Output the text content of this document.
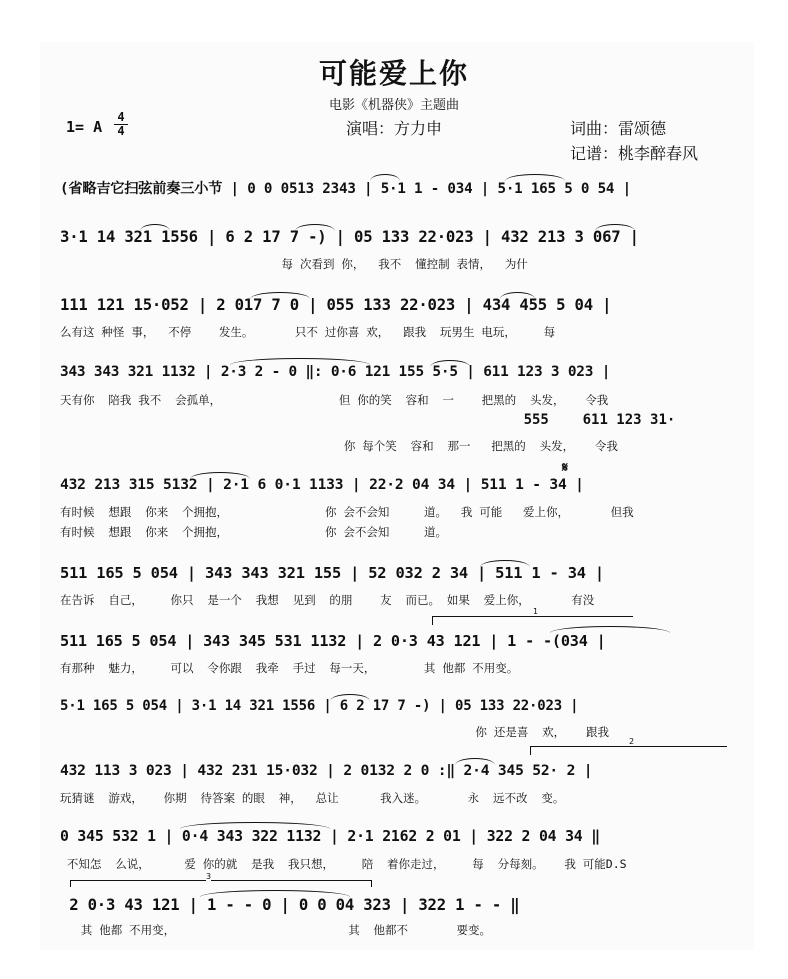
可能爱上你
电影《机器侠》主题曲
1= A
4
4	演唱：方力申	词曲：雷颂德
记谱：桃李醉春风
(省略吉它扫弦前奏三小节 | 0 0 0513 2343 | 5·1 1 - 034 | 5·1 165 5 0 54 |
3·1 14 321 1556 | 6 2 17 7 -) | 05 133 22·023 | 432 213 3 067 |
每 次看到 你，  我不  懂控制 表情，  为什
111 121 15·052 | 2 017 7 0 | 055 133 22·023 | 434 455 5 04 |
么有这 种怪 事，  不停    发生。      只不 过你喜 欢，  跟我  玩男生 电玩，    每
343 343 321 1132 | 2·3 2 - 0 ‖: 0·6 121 155 5·5 | 611 123 3 023 |
天有你  陪我 我不  会孤单，                 但 你的笑  容和  一    把黑的  头发，   令我
555    611 123 31·
你 每个笑  容和  那一   把黑的  头发，   令我
432 213 315 5132 | 2·1 6 0·1 1133 | 22·2 04 34 | 511 1 - 34 |
𝄋
有时候  想跟  你来  个拥抱，              你 会不会知     道。  我 可能   爱上你，      但我
有时候  想跟  你来  个拥抱，              你 会不会知     道。
511 165 5 054 | 343 343 321 155 | 52 032 2 34 | 511 1 - 34 |
在告诉  自己，    你只  是一个  我想  见到  的朋    友  而已。 如果  爱上你，      有没
1
511 165 5 054 | 343 345 531 1132 | 2 0·3 43 121 | 1 - -(034 |
有那种  魅力，    可以  令你跟  我牵  手过  每一天，       其 他都 不用变。
5·1 165 5 054 | 3·1 14 321 1556 | 6 2 17 7 -) | 05 133 22·023 |
你 还是喜  欢，   跟我
2
432 113 3 023 | 432 231 15·032 | 2 0132 2 0 :‖ 2·4 345 52· 2 |
玩猜谜  游戏，   你期  待答案 的眼  神，  总让      我入迷。      永  远不改  变。
0 345 532 1 | 0·4 343 322 1132 | 2·1 2162 2 01 | 322 2 04 34 ‖
不知怎  么说，     爱 你的就  是我  我只想，    陪  着你走过，    每  分每刻。   我 可能D.S
3
2 0·3 43 121 | 1 - - 0 | 0 0 04 323 | 322 1 - - ‖
其 他都 不用变，                         其  他都不       要变。
